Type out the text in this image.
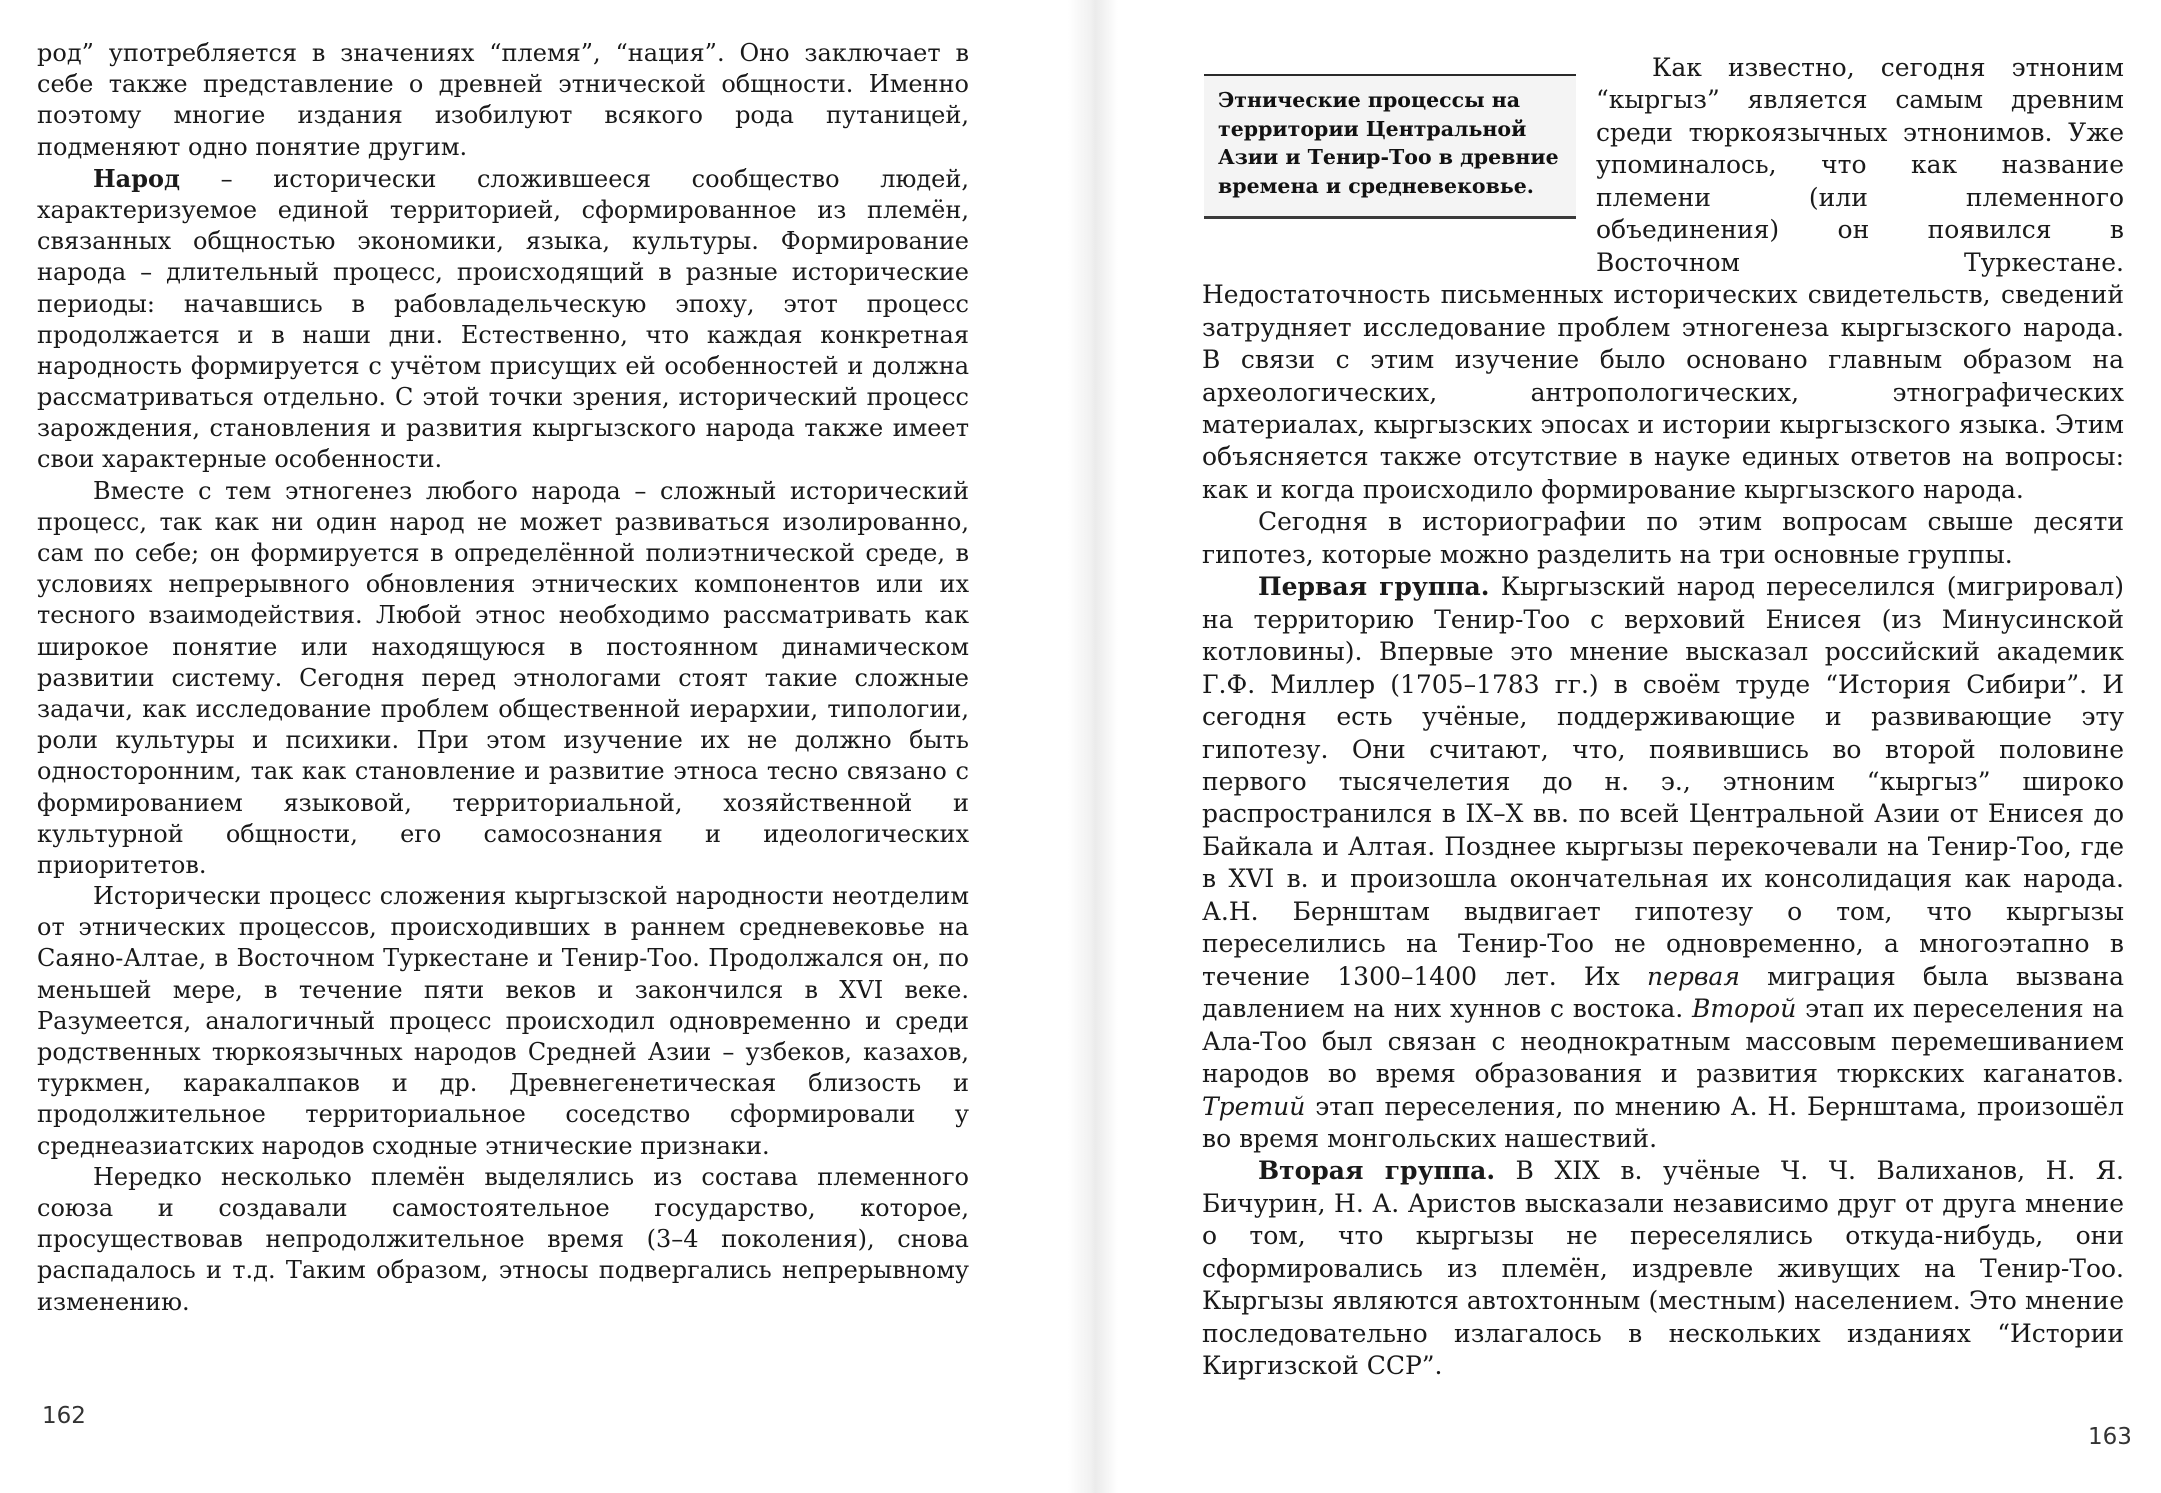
род” употребляется в значениях “племя”, “нация”. Оно заключает в себе также представление о древней этнической общности. Именно поэтому многие издания изобилуют всякого рода путаницей, подменяют одно понятие другим.

Народ – исторически сложившееся сообщество людей, характеризуемое единой территорией, сформированное из племён, связанных общностью экономики, языка, культуры. Формирование народа – длительный процесс, происходящий в разные исторические периоды: начавшись в рабовладельческую эпоху, этот процесс продолжается и в наши дни. Естественно, что каждая конкретная народность формируется с учётом присущих ей особенностей и должна рассматриваться отдельно. С этой точки зрения, исторический процесс зарождения, становления и развития кыргызского народа также имеет свои характерные особенности.

Вместе с тем этногенез любого народа – сложный исторический процесс, так как ни один народ не может развиваться изолированно, сам по себе; он формируется в определённой полиэтнической среде, в условиях непрерывного обновления этнических компонентов или их тесного взаимодействия. Любой этнос необходимо рассматривать как широкое понятие или находящуюся в постоянном динамическом развитии систему. Сегодня перед этнологами стоят такие сложные задачи, как исследование проблем общественной иерархии, типологии, роли культуры и психики. При этом изучение их не должно быть односторонним, так как становление и развитие этноса тесно связано с формированием языковой, территориальной, хозяйственной и культурной общности, его самосознания и идеологических приоритетов.

Исторически процесс сложения кыргызской народности неотделим от этнических процессов, происходивших в раннем средневековье на Саяно-Алтае, в Восточном Туркестане и Тенир-Тоо. Продолжался он, по меньшей мере, в течение пяти веков и закончился в XVI веке. Разумеется, аналогичный процесс происходил одновременно и среди родственных тюркоязычных народов Средней Азии – узбеков, казахов, туркмен, каракалпаков и др. Древнегенетическая близость и продолжительное территориальное соседство сформировали у среднеазиатских народов сходные этнические признаки.

Нередко несколько племён выделялись из состава племенного союза и создавали самостоятельное государство, которое, просуществовав непродолжительное время (3–4 поколения), снова распадалось и т.д. Таким образом, этносы подвергались непрерывному изменению.

162
Этнические процессы на территории Центральной Азии и Тенир-Тоо в древние времена и средневековье.

Как известно, сегодня этноним “кыргыз” является самым древним среди тюркоязычных этнонимов. Уже упоминалось, что как название племени (или племенного объединения) он появился в Восточном Туркестане. Недостаточность письменных исторических свидетельств, сведений затрудняет исследование проблем этногенеза кыргызского народа. В связи с этим изучение было основано главным образом на археологических, антропологических, этнографических материалах, кыргызских эпосах и истории кыргызского языка. Этим объясняется также отсутствие в науке единых ответов на вопросы: как и когда происходило формирование кыргызского народа.

Сегодня в историографии по этим вопросам свыше десяти гипотез, которые можно разделить на три основные группы.

Первая группа. Кыргызский народ переселился (мигрировал) на территорию Тенир-Тоо с верховий Енисея (из Минусинской котловины). Впервые это мнение высказал российский академик Г.Ф. Миллер (1705–1783 гг.) в своём труде “История Сибири”. И сегодня есть учёные, поддерживающие и развивающие эту гипотезу. Они считают, что, появившись во второй половине первого тысячелетия до н. э., этноним “кыргыз” широко распространился в IX–X вв. по всей Центральной Азии от Енисея до Байкала и Алтая. Позднее кыргызы перекочевали на Тенир-Тоо, где в XVI в. и произошла окончательная их консолидация как народа. А.Н. Бернштам выдвигает гипотезу о том, что кыргызы переселились на Тенир-Тоо не одновременно, а многоэтапно в течение 1300–1400 лет. Их первая миграция была вызвана давлением на них хуннов с востока. Второй этап их переселения на Ала-Тоо был связан с неоднократным массовым перемешиванием народов во время образования и развития тюркских каганатов. Третий этап переселения, по мнению А. Н. Бернштама, произошёл во время монгольских нашествий.

Вторая группа. В XIX в. учёные Ч. Ч. Валиханов, Н. Я. Бичурин, Н. А. Аристов высказали независимо друг от друга мнение о том, что кыргызы не переселялись откуда-нибудь, они сформировались из племён, издревле живущих на Тенир-Тоо. Кыргызы являются автохтонным (местным) населением. Это мнение последовательно излагалось в нескольких изданиях “Истории Киргизской ССР”.

163
